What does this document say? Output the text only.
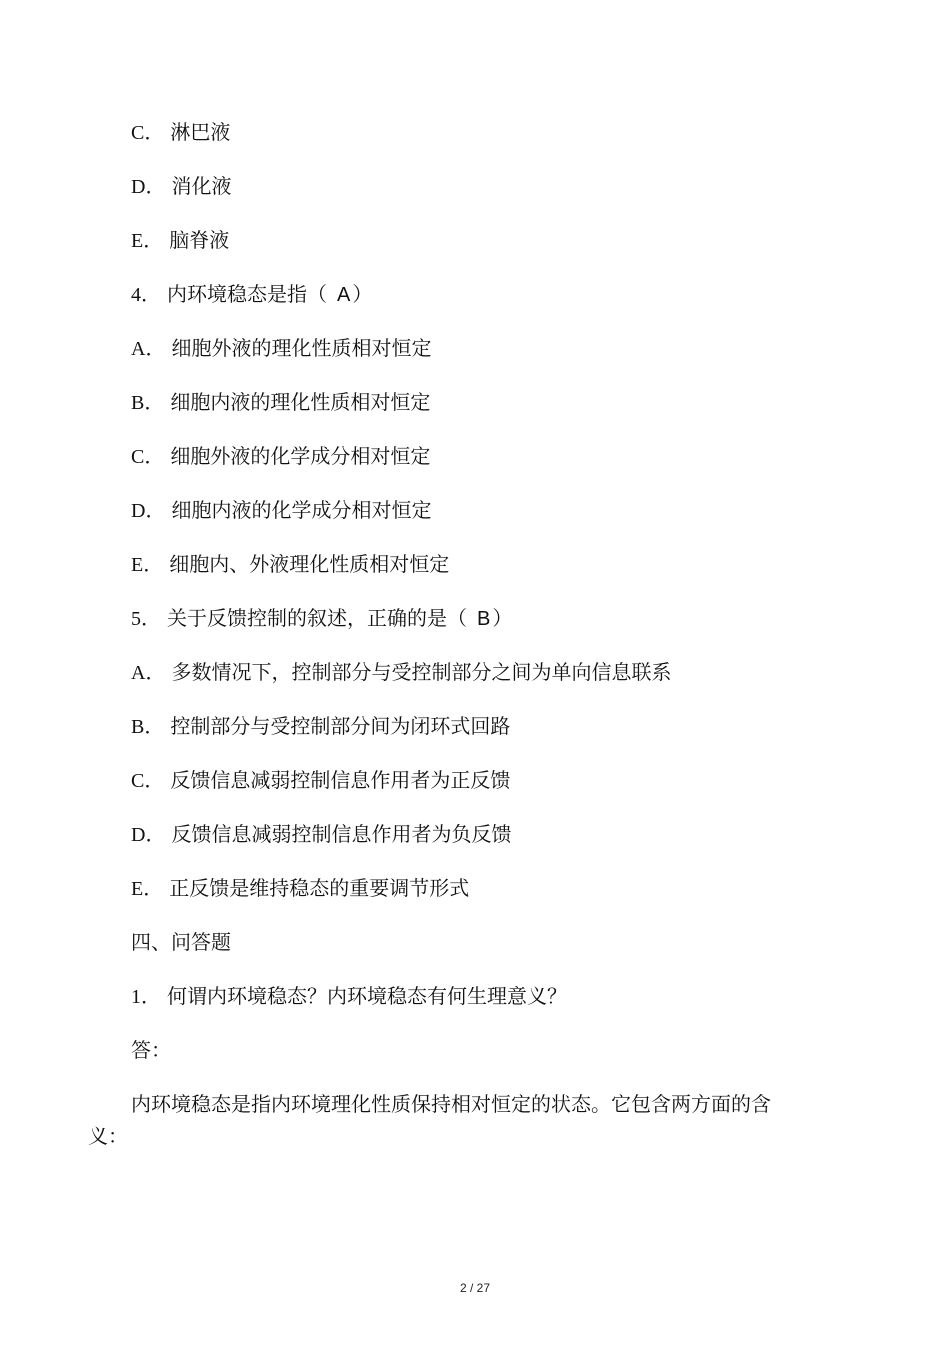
C． 淋巴液
D． 消化液
E． 脑脊液
4． 内环境稳态是指（ A ）
A． 细胞外液的理化性质相对恒定
B． 细胞内液的理化性质相对恒定
C． 细胞外液的化学成分相对恒定
D． 细胞内液的化学成分相对恒定
E． 细胞内、外液理化性质相对恒定
5． 关于反馈控制的叙述，正确的是（ B ）
A． 多数情况下，控制部分与受控制部分之间为单向信息联系
B． 控制部分与受控制部分间为闭环式回路
C． 反馈信息减弱控制信息作用者为正反馈
D． 反馈信息减弱控制信息作用者为负反馈
E． 正反馈是维持稳态的重要调节形式
四、问答题
1． 何谓内环境稳态？内环境稳态有何生理意义？
答：
内环境稳态是指内环境理化性质保持相对恒定的状态。它包含两方面的含义：
2 / 27
